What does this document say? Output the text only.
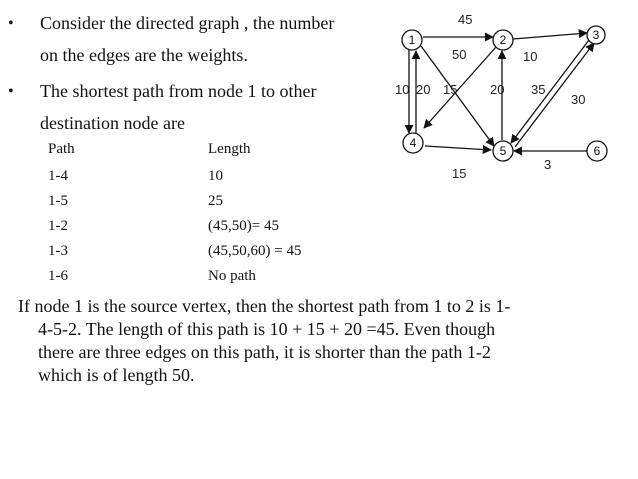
• Consider the directed graph , the number
on the edges are the weights.
• The shortest path from node 1 to other
destination node are
Path	Length
1-4	10
1-5	25
1-2	(45,50)= 45
1-3	(45,50,60) = 45
1-6	No path
If node 1 is the source vertex, then the shortest path from 1 to 2 is 1-
4-5-2. The length of this path is 10 + 15 + 20 =45. Even though
there are three edges on this path, it is shorter than the path 1-2
which is of length 50.
1	2	3
4
5	6
45
50	10
10 20 15	20 35
30
15
3
